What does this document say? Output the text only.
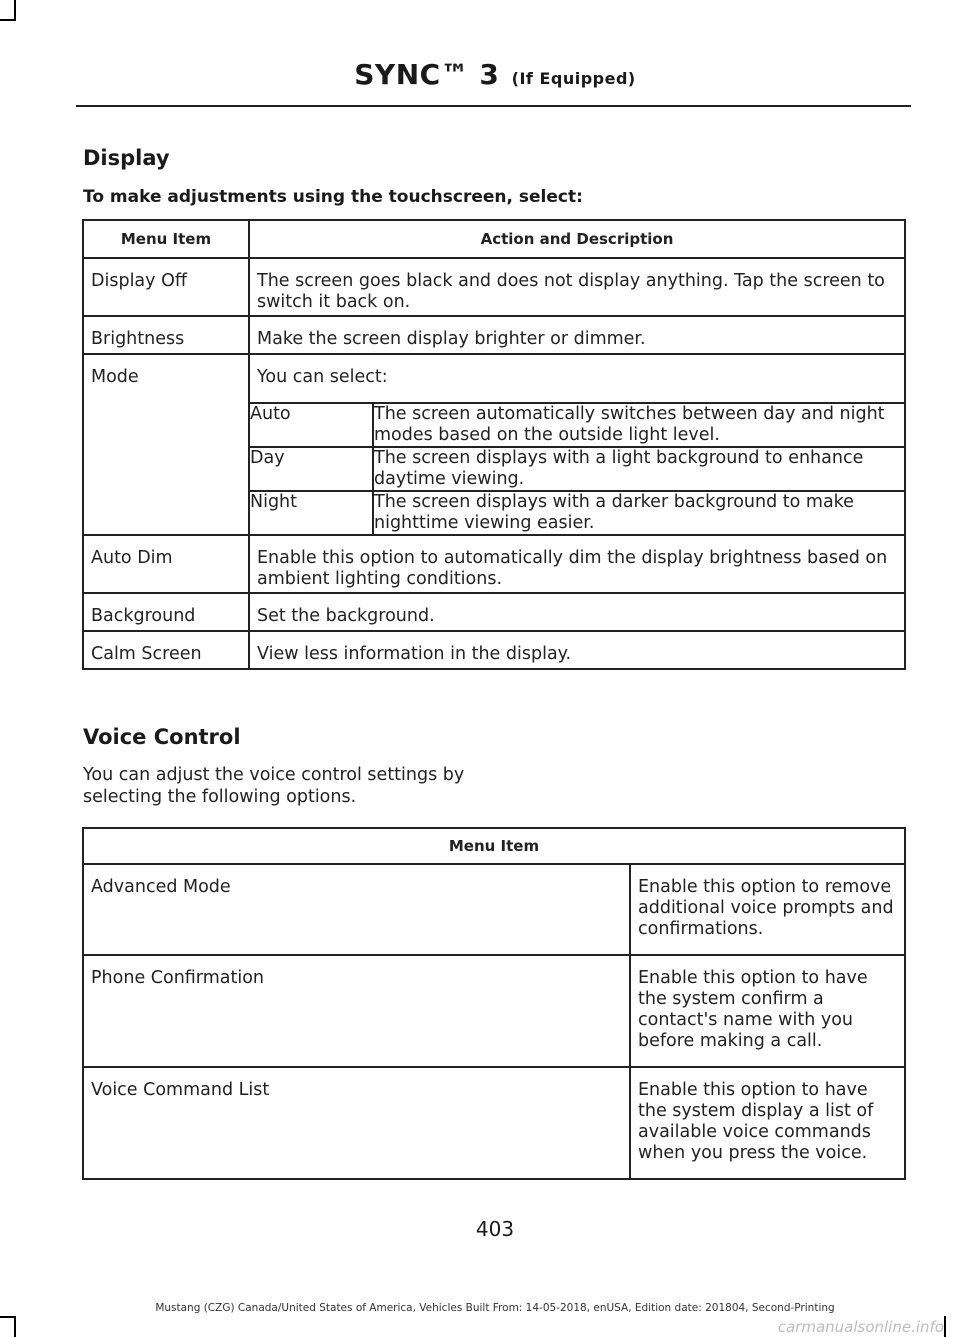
SYNC™ 3 (If Equipped)
Display

To make adjustments using the touchscreen, select:

Menu Item	Action and Description
Display Off	The screen goes black and does not display anything. Tap the screen to switch it back on.
Brightness	Make the screen display brighter or dimmer.
Mode	You can select:
Auto	The screen automatically switches between day and night modes based on the outside light level.
Day	The screen displays with a light background to enhance daytime viewing.
Night	The screen displays with a darker background to make nighttime viewing easier.

Auto Dim	Enable this option to automatically dim the display brightness based on ambient lighting conditions.
Background	Set the background.
Calm Screen	View less information in the display.
Voice Control

You can adjust the voice control settings by selecting the following options.

Menu Item	
Advanced Mode	Enable this option to remove additional voice prompts and confirmations.
Phone Confirmation	Enable this option to have the system confirm a contact's name with you before making a call.
Voice Command List	Enable this option to have the system display a list of available voice commands when you press the voice.
403
Mustang (CZG) Canada/United States of America, Vehicles Built From: 14-05-2018, enUSA, Edition date: 201804, Second-Printing
carmanualsonline.info
